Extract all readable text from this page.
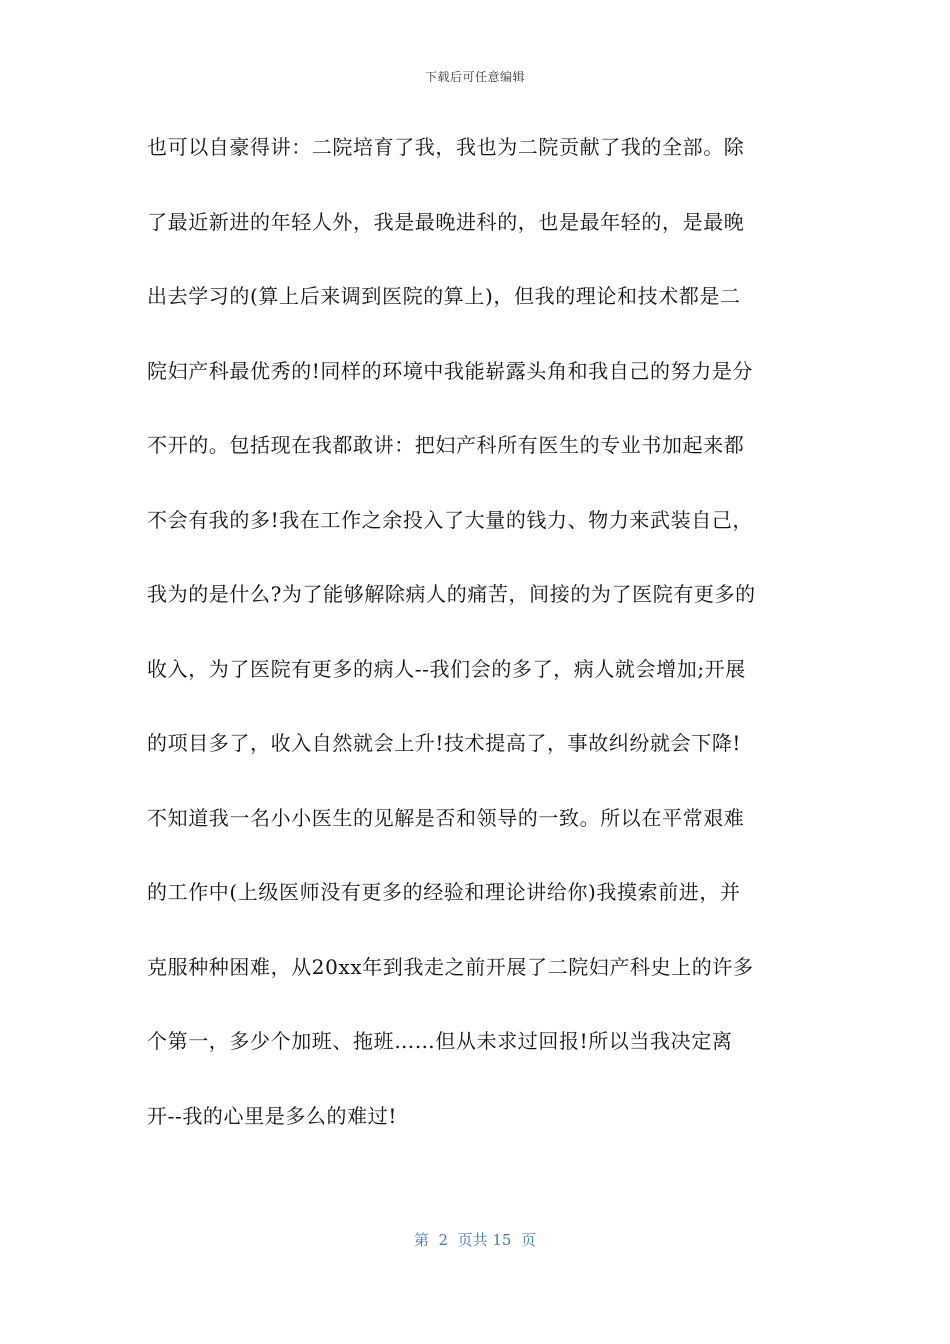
下载后可任意编辑
也可以自豪得讲：二院培育了我，我也为二院贡献了我的全部。除
了最近新进的年轻人外，我是最晚进科的，也是最年轻的，是最晚
出去学习的(算上后来调到医院的算上)，但我的理论和技术都是二
院妇产科最优秀的!同样的环境中我能崭露头角和我自己的努力是分
不开的。包括现在我都敢讲：把妇产科所有医生的专业书加起来都
不会有我的多!我在工作之余投入了大量的钱力、物力来武装自己，
我为的是什么?为了能够解除病人的痛苦，间接的为了医院有更多的
收入，为了医院有更多的病人--我们会的多了，病人就会增加;开展
的项目多了，收入自然就会上升!技术提高了，事故纠纷就会下降!
不知道我一名小小医生的见解是否和领导的一致。所以在平常艰难
的工作中(上级医师没有更多的经验和理论讲给你)我摸索前进，并
克服种种困难，从20xx年到我走之前开展了二院妇产科史上的许多
个第一，多少个加班、拖班……但从未求过回报!所以当我决定离
开--我的心里是多么的难过!
第  2  页共 15  页
